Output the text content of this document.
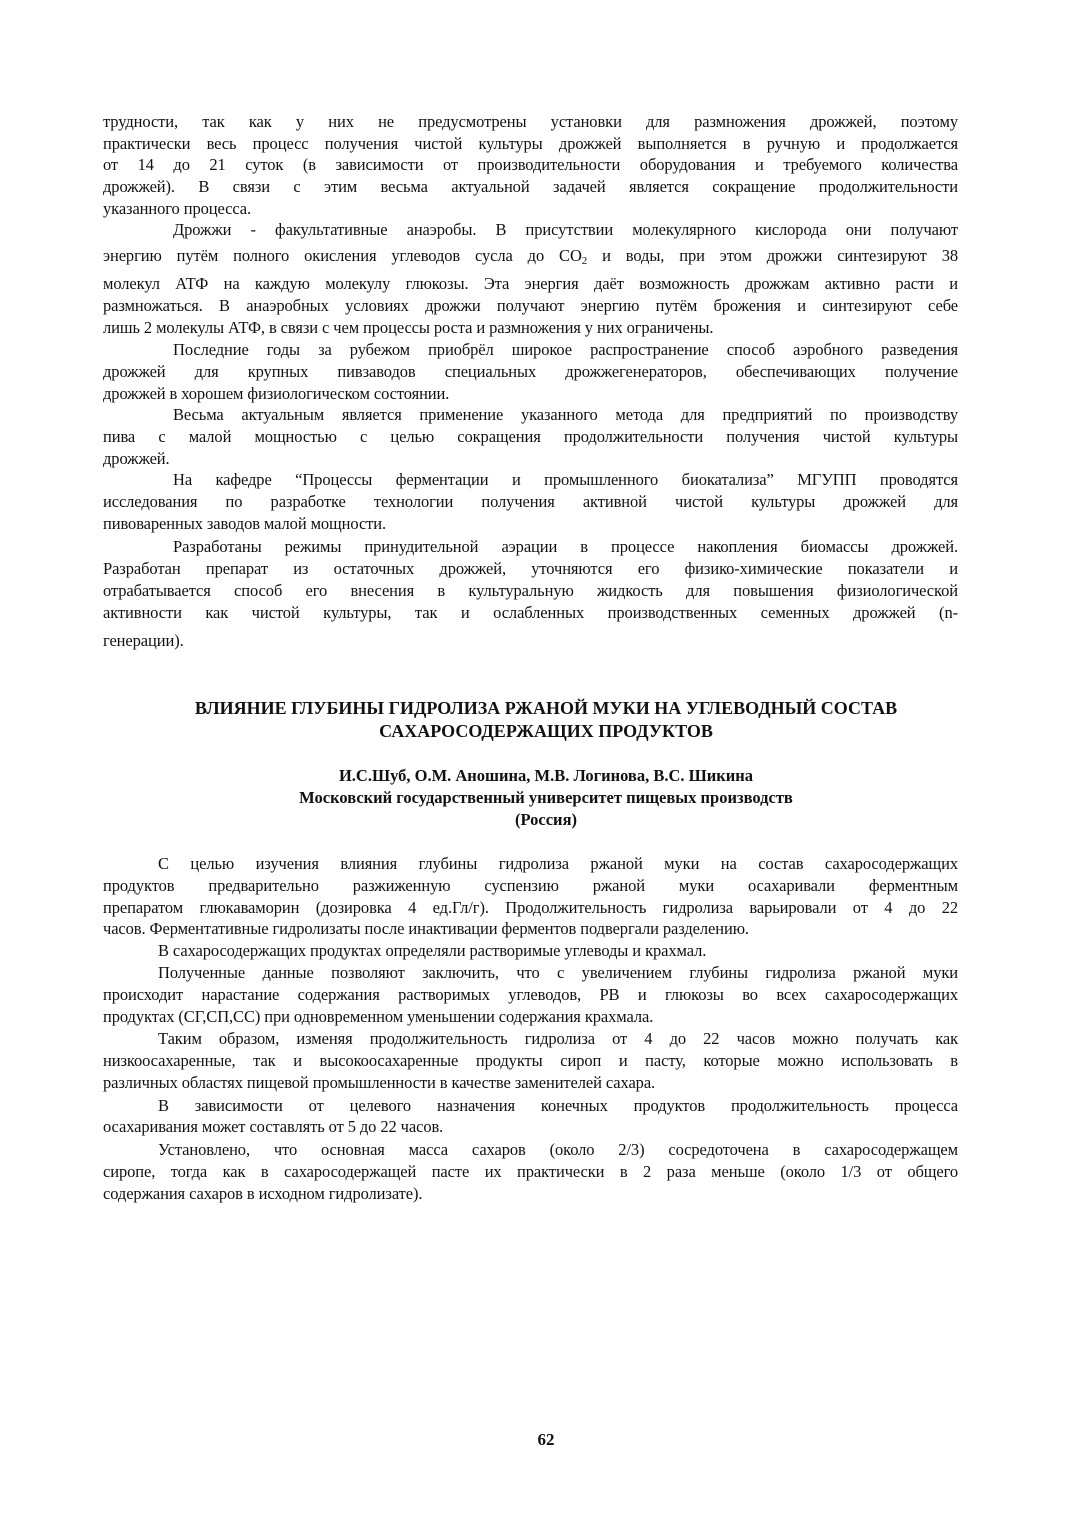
трудности, так как у них не предусмотрены установки для размножения дрожжей, поэтому
практически весь процесс получения чистой культуры дрожжей выполняется в ручную и продолжается
от 14 до 21 суток (в зависимости от производительности оборудования и требуемого количества
дрожжей). В связи с этим весьма актуальной задачей является сокращение продолжительности
указанного процесса.
Дрожжи - факультативные анаэробы. В присутствии молекулярного кислорода они получают
энергию путём полного окисления углеводов сусла до $CO_2$ и воды, при этом дрожжи синтезируют 38
молекул АТФ на каждую молекулу глюкозы. Эта энергия даёт возможность дрожжам активно расти и
размножаться. В анаэробных условиях дрожжи получают энергию путём брожения и синтезируют себе
лишь 2 молекулы АТФ, в связи с чем процессы роста и размножения у них ограничены.
Последние годы за рубежом приобрёл широкое распространение способ аэробного разведения
дрожжей для крупных пивзаводов специальных дрожжегенераторов, обеспечивающих получение
дрожжей в хорошем физиологическом состоянии.
Весьма актуальным является применение указанного метода для предприятий по производству
пива с малой мощностью с целью сокращения продолжительности получения чистой культуры
дрожжей.
На кафедре “Процессы ферментации и промышленного биокатализа” МГУПП проводятся
исследования по разработке технологии получения активной чистой культуры дрожжей для
пивоваренных заводов малой мощности.
Разработаны режимы принудительной аэрации в процессе накопления биомассы дрожжей.
Разработан препарат из остаточных дрожжей, уточняются его физико-химические показатели и
отрабатывается способ его внесения в культуральную жидкость для повышения физиологической
активности как чистой культуры, так и ослабленных производственных семенных дрожжей (n-
генерации).
ВЛИЯНИЕ ГЛУБИНЫ ГИДРОЛИЗА РЖАНОЙ МУКИ НА УГЛЕВОДНЫЙ СОСТАВ
САХАРОСОДЕРЖАЩИХ ПРОДУКТОВ
И.С.Шуб, О.М. Аношина, М.В. Логинова, В.С. Шикина
Московский государственный университет пищевых производств
(Россия)
С целью изучения влияния глубины гидролиза ржаной муки на состав сахаросодержащих
продуктов предварительно разжиженную суспензию ржаной муки осахаривали ферментным
препаратом глюкаваморин (дозировка 4 ед.Гл/г). Продолжительность гидролиза варьировали от 4 до 22
часов. Ферментативные гидролизаты после инактивации ферментов подвергали разделению.
В сахаросодержащих продуктах определяли растворимые углеводы и крахмал.
Полученные данные позволяют заключить, что с увеличением глубины гидролиза ржаной муки
происходит нарастание содержания растворимых углеводов, РВ и глюкозы во всех сахаросодержащих
продуктах (СГ,СП,СС) при одновременном уменьшении содержания крахмала.
Таким образом, изменяя продолжительность гидролиза от 4 до 22 часов можно получать как
низкоосахаренные, так и высокоосахаренные продукты сироп и пасту, которые можно использовать в
различных областях пищевой промышленности в качестве заменителей сахара.
В зависимости от целевого назначения конечных продуктов продолжительность процесса
осахаривания может составлять от 5 до 22 часов.
Установлено, что основная масса сахаров (около 2/3) сосредоточена в сахаросодержащем
сиропе, тогда как в сахаросодержащей пасте их практически в 2 раза меньше (около 1/3 от общего
содержания сахаров в исходном гидролизате).
62
